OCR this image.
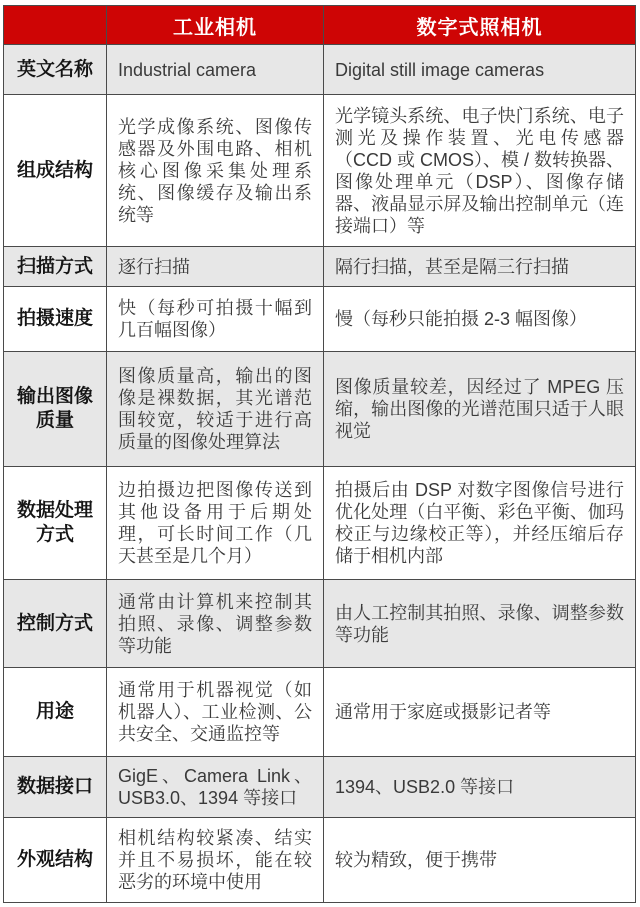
	工业相机	数字式照相机
英文名称	Industrial camera	Digital still image cameras
组成结构	光学成像系统、图像传感器及外围电路、相机核心图像采集处理系统、图像缓存及输出系统等	光学镜头系统、电子快门系统、电子测光及操作装置、光电传感器（CCD 或 CMOS）、模 / 数转换器、图像处理单元（DSP）、图像存储器、液晶显示屏及输出控制单元（连接端口）等
扫描方式	逐行扫描	隔行扫描，甚至是隔三行扫描
拍摄速度	快（每秒可拍摄十幅到几百幅图像）	慢（每秒只能拍摄 2-3 幅图像）
输出图像质量	图像质量高，输出的图像是裸数据，其光谱范围较宽，较适于进行高质量的图像处理算法	图像质量较差，因经过了 MPEG 压缩，输出图像的光谱范围只适于人眼视觉
数据处理方式	边拍摄边把图像传送到其他设备用于后期处理，可长时间工作（几天甚至是几个月）	拍摄后由 DSP 对数字图像信号进行优化处理（白平衡、彩色平衡、伽玛校正与边缘校正等），并经压缩后存储于相机内部
控制方式	通常由计算机来控制其拍照、录像、调整参数等功能	由人工控制其拍照、录像、调整参数等功能
用途	通常用于机器视觉（如机器人）、工业检测、公共安全、交通监控等	通常用于家庭或摄影记者等
数据接口	GigE、Camera Link、USB3.0、1394 等接口	1394、USB2.0 等接口
外观结构	相机结构较紧凑、结实并且不易损坏，能在较恶劣的环境中使用	较为精致，便于携带
